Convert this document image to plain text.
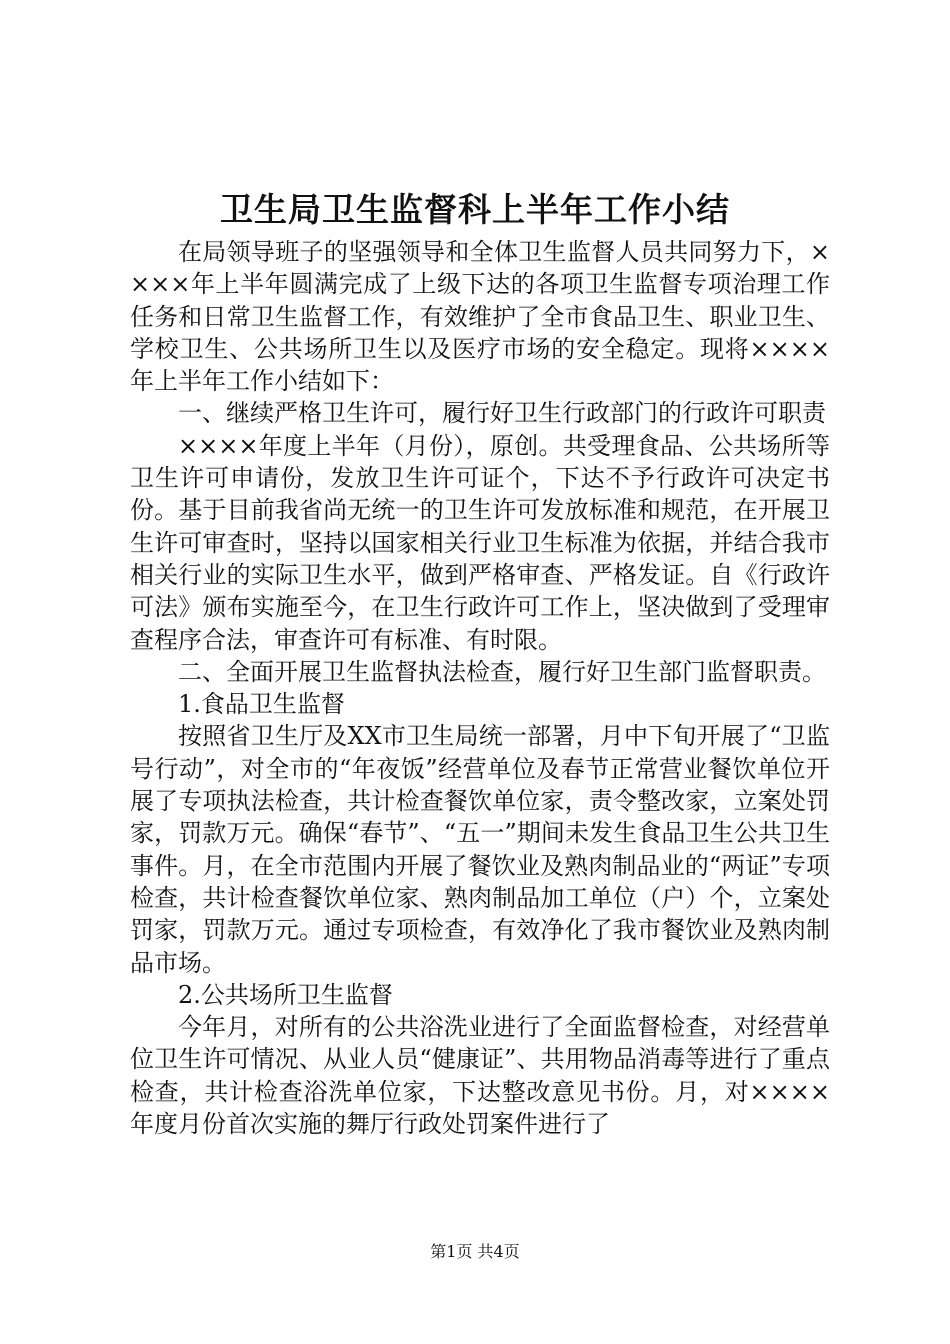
卫生局卫生监督科上半年工作小结

在局领导班子的坚强领导和全体卫生监督人员共同努力下，××××年上半年圆满完成了上级下达的各项卫生监督专项治理工作任务和日常卫生监督工作，有效维护了全市食品卫生、职业卫生、学校卫生、公共场所卫生以及医疗市场的安全稳定。现将××××年上半年工作小结如下：

一、继续严格卫生许可，履行好卫生行政部门的行政许可职责

××××年度上半年（月份），原创。共受理食品、公共场所等卫生许可申请份，发放卫生许可证个，下达不予行政许可决定书份。基于目前我省尚无统一的卫生许可发放标准和规范，在开展卫生许可审查时，坚持以国家相关行业卫生标准为依据，并结合我市相关行业的实际卫生水平，做到严格审查、严格发证。自《行政许可法》颁布实施至今，在卫生行政许可工作上，坚决做到了受理审查程序合法，审查许可有标准、有时限。

二、全面开展卫生监督执法检查，履行好卫生部门监督职责。

1.食品卫生监督

按照省卫生厅及XX市卫生局统一部署，月中下旬开展了“卫监号行动”，对全市的“年夜饭”经营单位及春节正常营业餐饮单位开展了专项执法检查，共计检查餐饮单位家，责令整改家，立案处罚家，罚款万元。确保“春节”、“五一”期间未发生食品卫生公共卫生事件。月，在全市范围内开展了餐饮业及熟肉制品业的“两证”专项检查，共计检查餐饮单位家、熟肉制品加工单位（户）个，立案处罚家，罚款万元。通过专项检查，有效净化了我市餐饮业及熟肉制品市场。

2.公共场所卫生监督

今年月，对所有的公共浴洗业进行了全面监督检查，对经营单位卫生许可情况、从业人员“健康证”、共用物品消毒等进行了重点检查，共计检查浴洗单位家，下达整改意见书份。月，对××××年度月份首次实施的舞厅行政处罚案件进行了

第1页 共4页
